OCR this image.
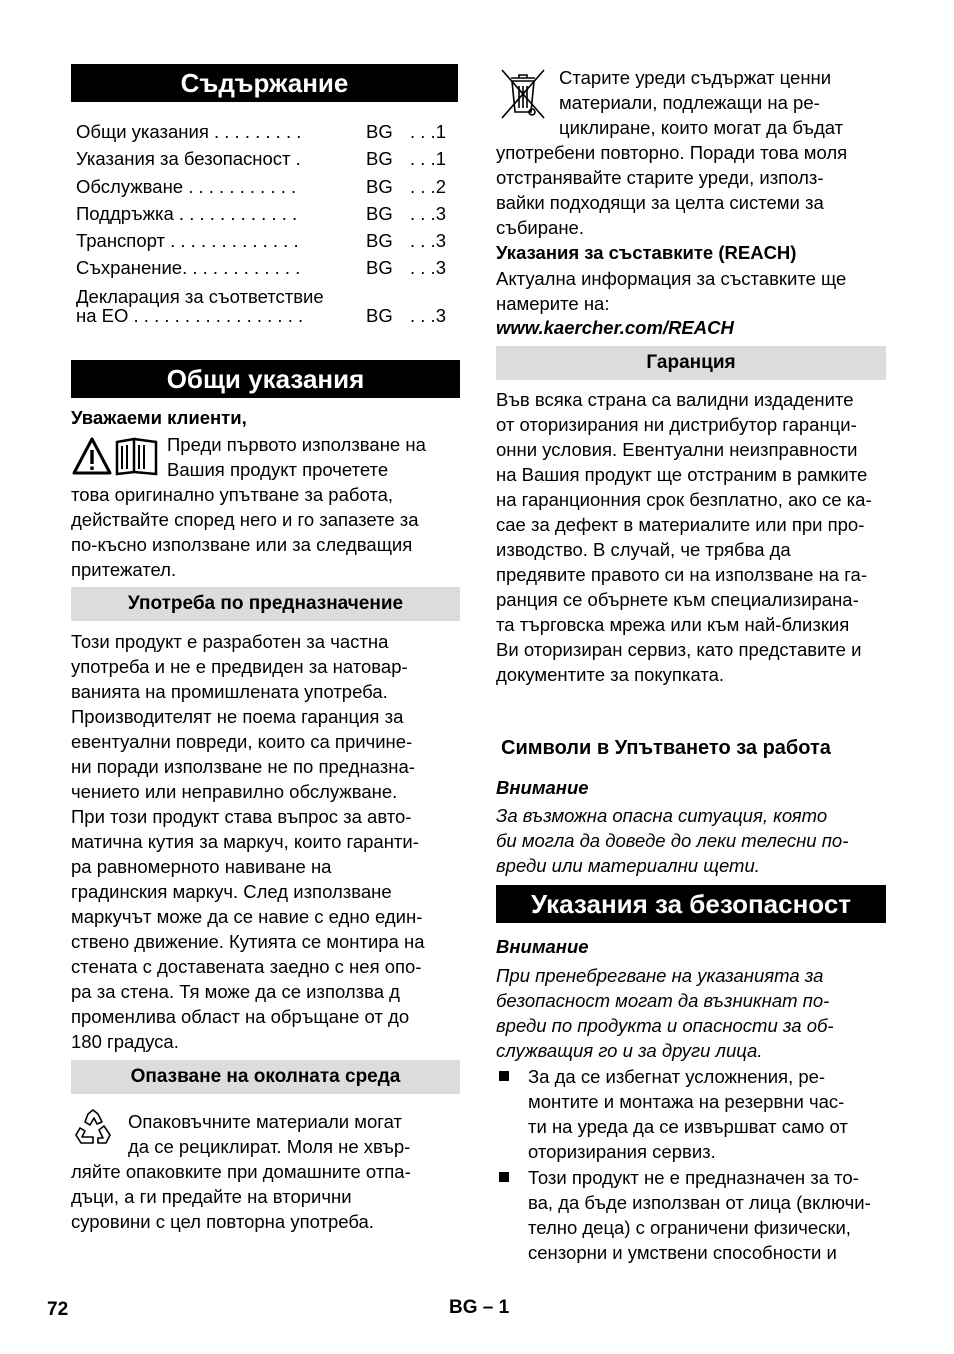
Съдържание
Общи указания . . . . . . . . .	BG . . .1
Указания за безопасност .	BG . . .1
Обслужване . . . . . . . . . . .	BG . . .2
Поддръжка . . . . . . . . . . . .	BG . . .3
Транспорт . . . . . . . . . . . . .	BG . . .3
Съхранение. . . . . . . . . . . .	BG . . .3
Декларация за съответствие
на ЕО . . . . . . . . . . . . . . . . .	BG . . .3
Общи указания
Уважаеми клиенти,
Преди първото използване на
Вашия продукт прочетете
това оригинално упътване за работа,
действайте според него и го запазете за
по-късно използване или за следващия
притежател.
Употреба по предназначение
Този продукт е разработен за частна
употреба и не е предвиден за натовар-
ванията на промишлената употреба.
Производителят не поема гаранция за
евентуални повреди, които са причине-
ни поради използване не по предназна-
чението или неправилно обслужване.
При този продукт става въпрос за авто-
матична кутия за маркуч, които гаранти-
ра равномерното навиване на
градинския маркуч. След използване
маркучът може да се навие с едно един-
ствено движение. Кутията се монтира на
стената с доставената заедно с нея опо-
ра за стена. Тя може да се използва д
променлива област на обръщане от до
180 градуса.
Опазване на околната среда
Опаковъчните материали могат
да се рециклират. Моля не хвър-
ляйте опаковките при домашните отпа-
дъци, а ги предайте на вторични
суровини с цел повторна употреба.
Старите уреди съдържат ценни
материали, подлежащи на ре-
циклиране, които могат да бъдат
употребени повторно. Поради това моля
отстранявайте старите уреди, използ-
вайки подходящи за целта системи за
събиране.
Указания за съставките (REACH)
Актуална информация за съставките ще
намерите на:
www.kaercher.com/REACH
Гаранция
Във всяка страна са валидни издадените
от оторизирания ни дистрибутор гаранци-
онни условия. Евентуални неизправности
на Вашия продукт ще отстраним в рамките
на гаранционния срок безплатно, ако се ка-
сае за дефект в материалите или при про-
изводство. В случай, че трябва да
предявите правото си на използване на га-
ранция се обърнете към специализирана-
та търговска мрежа или към най-близкия
Ви оторизиран сервиз, като представите и
документите за покупката.
Символи в Упътването за работа
Внимание
За възможна опасна ситуация, която
би могла да доведе до леки телесни по-
вреди или материални щети.
Указания за безопасност
Внимание
При пренебрегване на указанията за
безопасност могат да възникнат по-
вреди по продукта и опасности за об-
служващия го и за други лица.
За да се избегнат усложнения, ре-
монтите и монтажа на резервни час-
ти на уреда да се извършват само от
оторизирания сервиз.
Този продукт не е предназначен за то-
ва, да бъде използван от лица (включи-
телно деца) с ограничени физически,
сензорни и умствени способности и
72	BG – 1
